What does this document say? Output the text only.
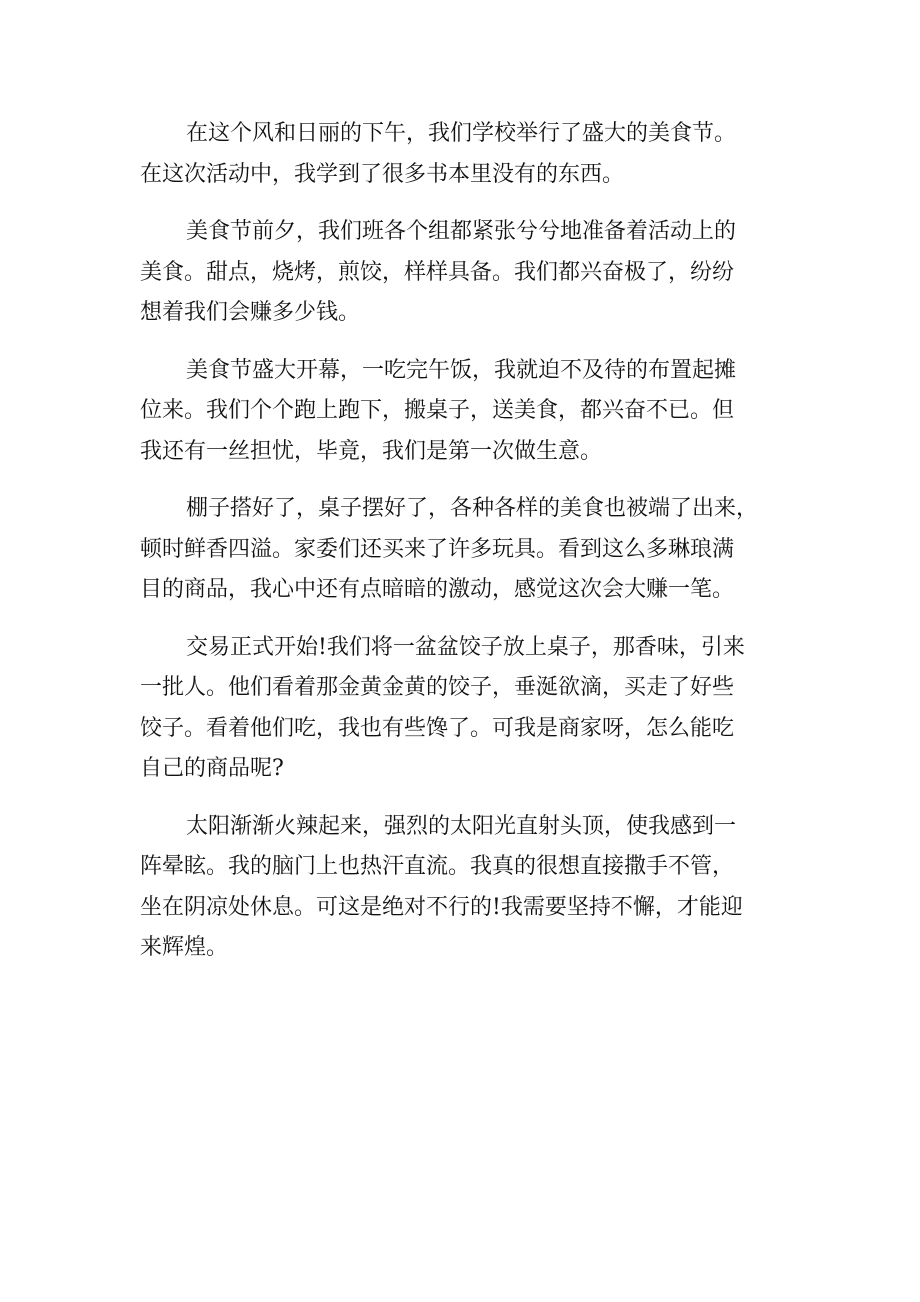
在这个风和日丽的下午，我们学校举行了盛大的美食节。
在这次活动中，我学到了很多书本里没有的东西。

美食节前夕，我们班各个组都紧张兮兮地准备着活动上的
美食。甜点，烧烤，煎饺，样样具备。我们都兴奋极了，纷纷
想着我们会赚多少钱。

美食节盛大开幕，一吃完午饭，我就迫不及待的布置起摊
位来。我们个个跑上跑下，搬桌子，送美食，都兴奋不已。但
我还有一丝担忧，毕竟，我们是第一次做生意。

棚子搭好了，桌子摆好了，各种各样的美食也被端了出来，
顿时鲜香四溢。家委们还买来了许多玩具。看到这么多琳琅满
目的商品，我心中还有点暗暗的激动，感觉这次会大赚一笔。

交易正式开始!我们将一盆盆饺子放上桌子，那香味，引来
一批人。他们看着那金黄金黄的饺子，垂涎欲滴，买走了好些
饺子。看着他们吃，我也有些馋了。可我是商家呀，怎么能吃
自己的商品呢?

太阳渐渐火辣起来，强烈的太阳光直射头顶，使我感到一
阵晕眩。我的脑门上也热汗直流。我真的很想直接撒手不管，
坐在阴凉处休息。可这是绝对不行的!我需要坚持不懈，才能迎
来辉煌。
